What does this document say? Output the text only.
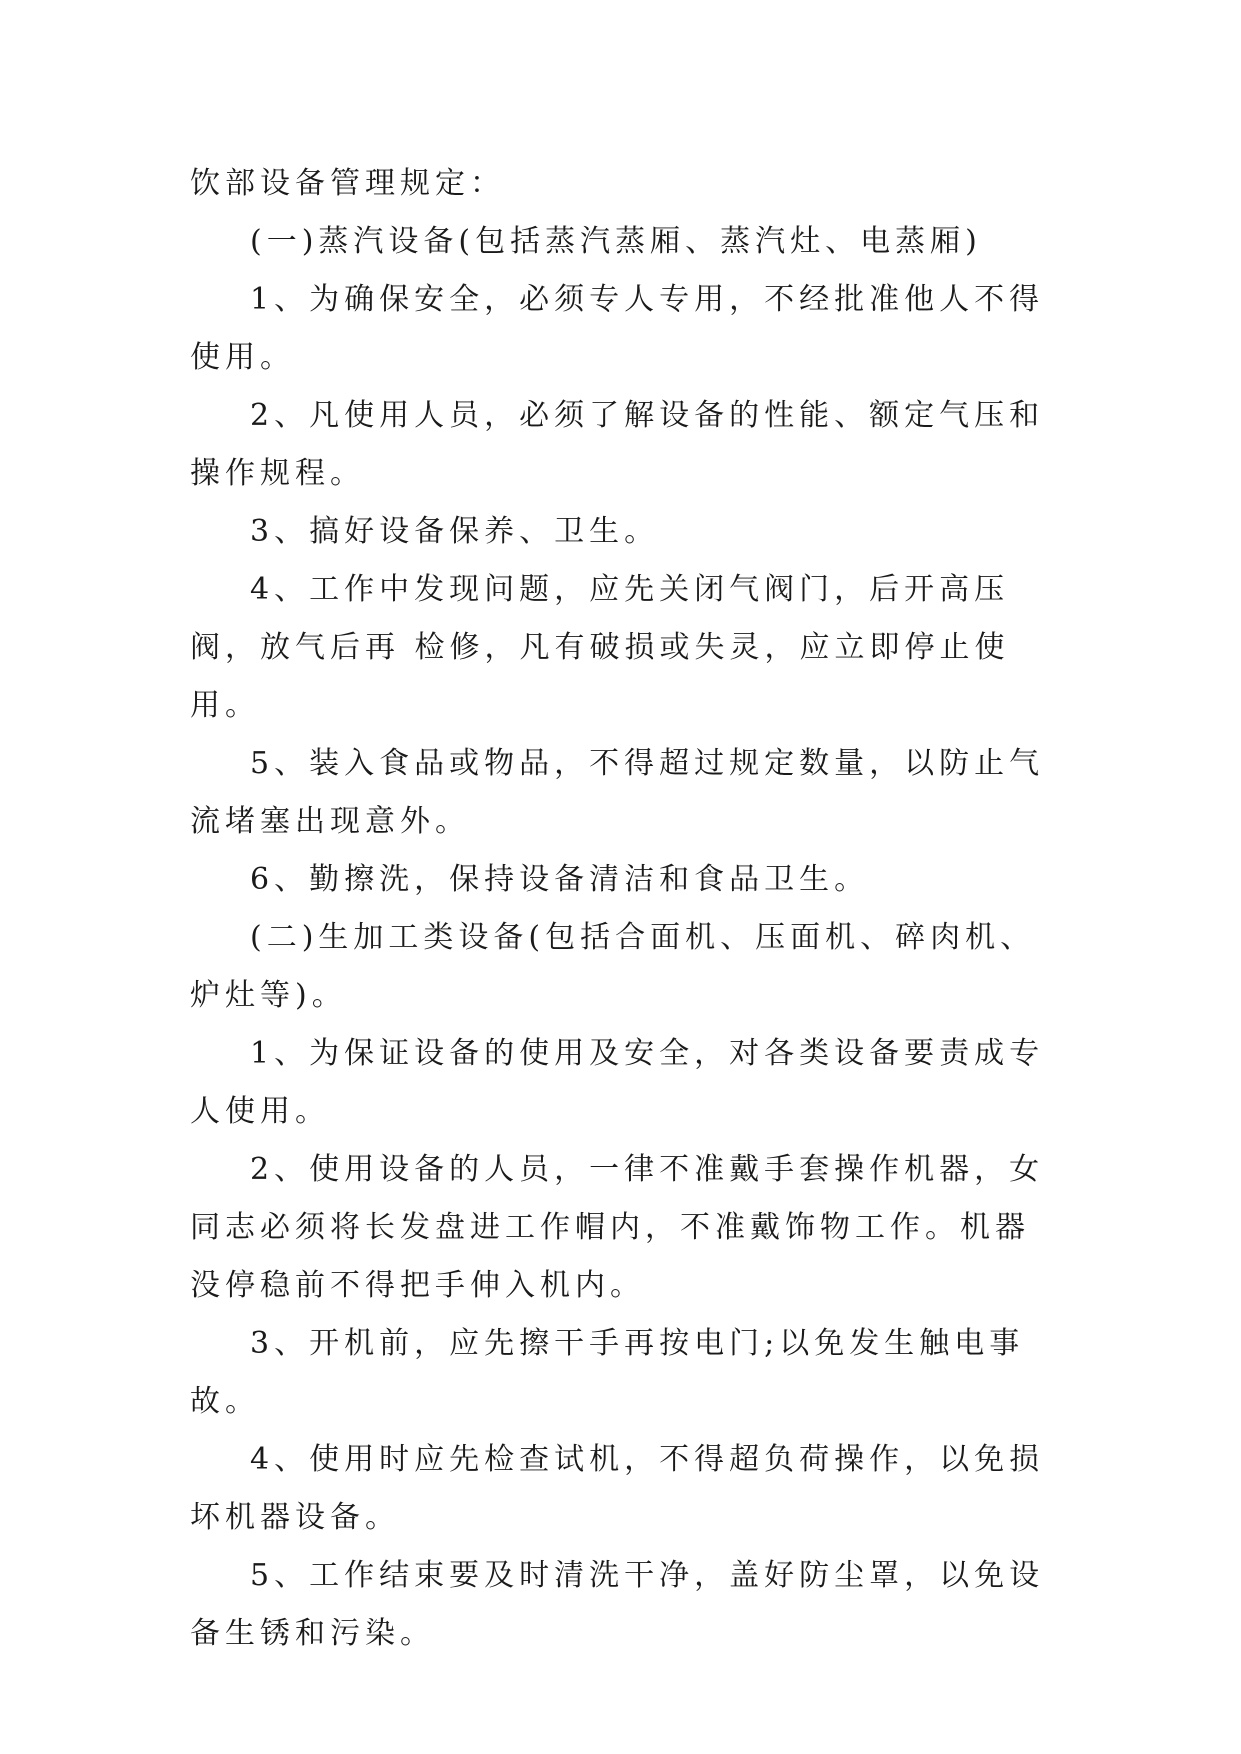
饮部设备管理规定：

(一)蒸汽设备(包括蒸汽蒸厢、蒸汽灶、电蒸厢)

1、为确保安全，必须专人专用，不经批准他人不得使用。

2、凡使用人员，必须了解设备的性能、额定气压和操作规程。

3、搞好设备保养、卫生。

4、工作中发现问题，应先关闭气阀门，后开高压阀，放气后再 检修，凡有破损或失灵，应立即停止使用。

5、装入食品或物品，不得超过规定数量，以防止气流堵塞出现意外。

6、勤擦洗，保持设备清洁和食品卫生。

(二)生加工类设备(包括合面机、压面机、碎肉机、炉灶等)。

1、为保证设备的使用及安全，对各类设备要责成专人使用。

2、使用设备的人员，一律不准戴手套操作机器，女同志必须将长发盘进工作帽内，不准戴饰物工作。机器没停稳前不得把手伸入机内。

3、开机前，应先擦干手再按电门;以免发生触电事故。

4、使用时应先检查试机，不得超负荷操作，以免损坏机器设备。

5、工作结束要及时清洗干净，盖好防尘罩，以免设备生锈和污染。
